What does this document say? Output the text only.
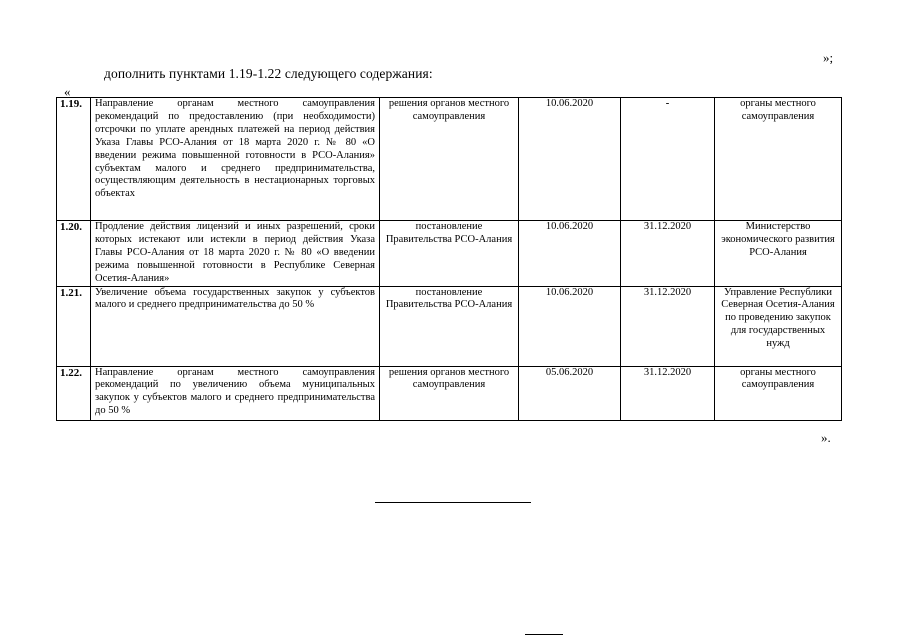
»;
дополнить пунктами 1.19-1.22 следующего содержания:
«
1.19.	Направление органам местного самоуправления рекомендаций по предоставлению (при необходимости) отсрочки по уплате арендных платежей на период действия Указа Главы РСО-Алания от 18 марта 2020 г. № 80 «О введении режима повышенной готовности в РСО-Алания» субъектам малого и среднего предпринимательства, осуществляющим деятельность в нестационарных торговых объектах	решения органов местного самоуправления	10.06.2020	-	органы местного самоуправления
1.20.	Продление действия лицензий и иных разрешений, сроки которых истекают или истекли в период действия Указа Главы РСО-Алания от 18 марта 2020 г. № 80 «О введении режима повышенной готовности в Республике Северная Осетия-Алания»	постановление Правительства РСО-Алания	10.06.2020	31.12.2020	Министерство экономического развития РСО-Алания
1.21.	Увеличение объема государственных закупок у субъектов малого и среднего предпринимательства до 50 %	постановление Правительства РСО-Алания	10.06.2020	31.12.2020	Управление Республики Северная Осетия-Алания по проведению закупок для государственных нужд
1.22.	Направление органам местного самоуправления рекомендаций по увеличению объема муниципальных закупок у субъектов малого и среднего предпринимательства до 50 %	решения органов местного самоуправления	05.06.2020	31.12.2020	органы местного самоуправления
».
